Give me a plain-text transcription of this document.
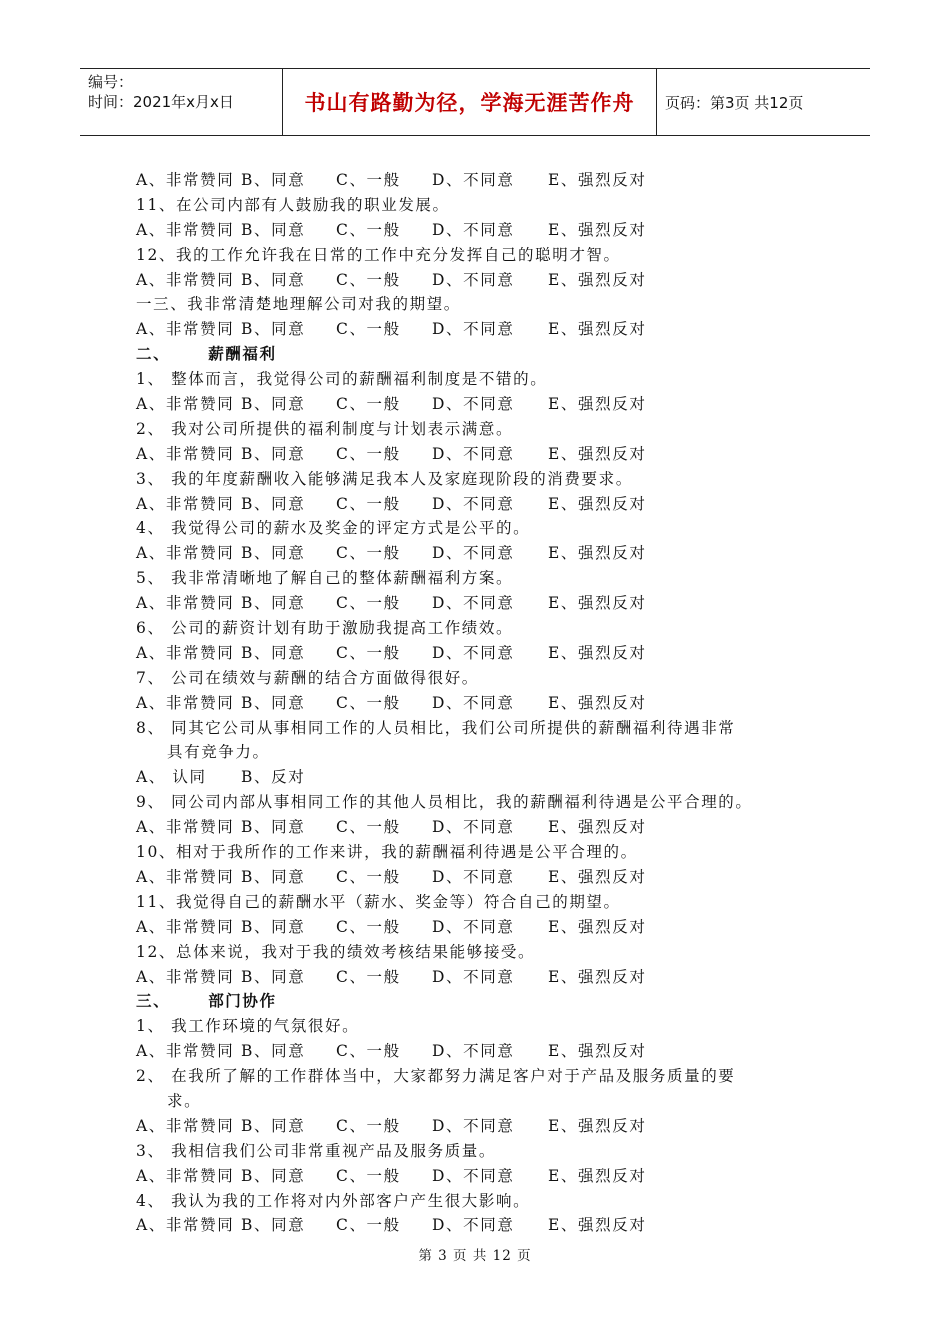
编号：
时间：2021年x月x日	书山有路勤为径，学海无涯苦作舟 页码：第3页 共12页
A、非常赞同 B、同意 C、一般 D、不同意 E、强烈反对
11、在公司内部有人鼓励我的职业发展。
A、非常赞同 B、同意 C、一般 D、不同意 E、强烈反对
12、我的工作允许我在日常的工作中充分发挥自己的聪明才智。
A、非常赞同 B、同意 C、一般 D、不同意 E、强烈反对
一三、我非常清楚地理解公司对我的期望。
A、非常赞同 B、同意 C、一般 D、不同意 E、强烈反对
二、 薪酬福利
1、 整体而言，我觉得公司的薪酬福利制度是不错的。
A、非常赞同 B、同意 C、一般 D、不同意 E、强烈反对
2、 我对公司所提供的福利制度与计划表示满意。
A、非常赞同 B、同意 C、一般 D、不同意 E、强烈反对
3、 我的年度薪酬收入能够满足我本人及家庭现阶段的消费要求。
A、非常赞同 B、同意 C、一般 D、不同意 E、强烈反对
4、 我觉得公司的薪水及奖金的评定方式是公平的。
A、非常赞同 B、同意 C、一般 D、不同意 E、强烈反对
5、 我非常清晰地了解自己的整体薪酬福利方案。
A、非常赞同 B、同意 C、一般 D、不同意 E、强烈反对
6、 公司的薪资计划有助于激励我提高工作绩效。
A、非常赞同 B、同意 C、一般 D、不同意 E、强烈反对
7、 公司在绩效与薪酬的结合方面做得很好。
A、非常赞同 B、同意 C、一般 D、不同意 E、强烈反对
8、 同其它公司从事相同工作的人员相比，我们公司所提供的薪酬福利待遇非常
具有竞争力。
A、 认同 B、反对
9、 同公司内部从事相同工作的其他人员相比，我的薪酬福利待遇是公平合理的。
A、非常赞同 B、同意 C、一般 D、不同意 E、强烈反对
10、相对于我所作的工作来讲，我的薪酬福利待遇是公平合理的。
A、非常赞同 B、同意 C、一般 D、不同意 E、强烈反对
11、我觉得自己的薪酬水平（薪水、奖金等）符合自己的期望。
A、非常赞同 B、同意 C、一般 D、不同意 E、强烈反对
12、总体来说，我对于我的绩效考核结果能够接受。
A、非常赞同 B、同意 C、一般 D、不同意 E、强烈反对
三、 部门协作
1、 我工作环境的气氛很好。
A、非常赞同 B、同意 C、一般 D、不同意 E、强烈反对
2、 在我所了解的工作群体当中，大家都努力满足客户对于产品及服务质量的要
求。
A、非常赞同 B、同意 C、一般 D、不同意 E、强烈反对
3、 我相信我们公司非常重视产品及服务质量。
A、非常赞同 B、同意 C、一般 D、不同意 E、强烈反对
4、 我认为我的工作将对内外部客户产生很大影响。
A、非常赞同 B、同意 C、一般 D、不同意 E、强烈反对
第 3 页 共 12 页
